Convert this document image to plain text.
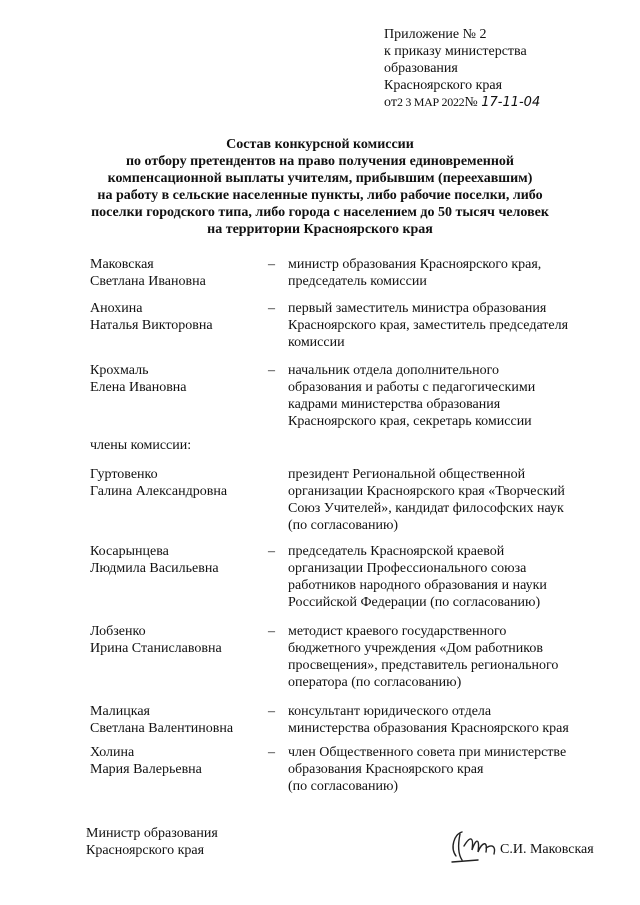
Приложение № 2
к приказу министерства
образования
Красноярского края
от2 3 МАР 2022№ 17-11-04
Состав конкурсной комиссии
по отбору претендентов на право получения единовременной
компенсационной выплаты учителям, прибывшим (переехавшим)
на работу в сельские населенные пункты, либо рабочие поселки, либо
поселки городского типа, либо города с населением до 50 тысяч человек
на территории Красноярского края
Маковская
Светлана Ивановна
– министр образования Красноярского края,
председатель комиссии
Анохина
Наталья Викторовна
– первый заместитель министра образования
Красноярского края, заместитель председателя
комиссии
Крохмаль
Елена Ивановна
– начальник отдела дополнительного
образования и работы с педагогическими
кадрами министерства образования
Красноярского края, секретарь комиссии
члены комиссии:
Гуртовенко
Галина Александровна
президент Региональной общественной
организации Красноярского края «Творческий
Союз Учителей», кандидат философских наук
(по согласованию)
Косарынцева
Людмила Васильевна
– председатель Красноярской краевой
организации Профессионального союза
работников народного образования и науки
Российской Федерации (по согласованию)
Лобзенко
Ирина Станиславовна
– методист краевого государственного
бюджетного учреждения «Дом работников
просвещения», представитель регионального
оператора (по согласованию)
Малицкая
Светлана Валентиновна
– консультант юридического отдела
министерства образования Красноярского края
Холина
Мария Валерьевна
– член Общественного совета при министерстве
образования Красноярского края
(по согласованию)
Министр образования
Красноярского края	С.И. Маковская
